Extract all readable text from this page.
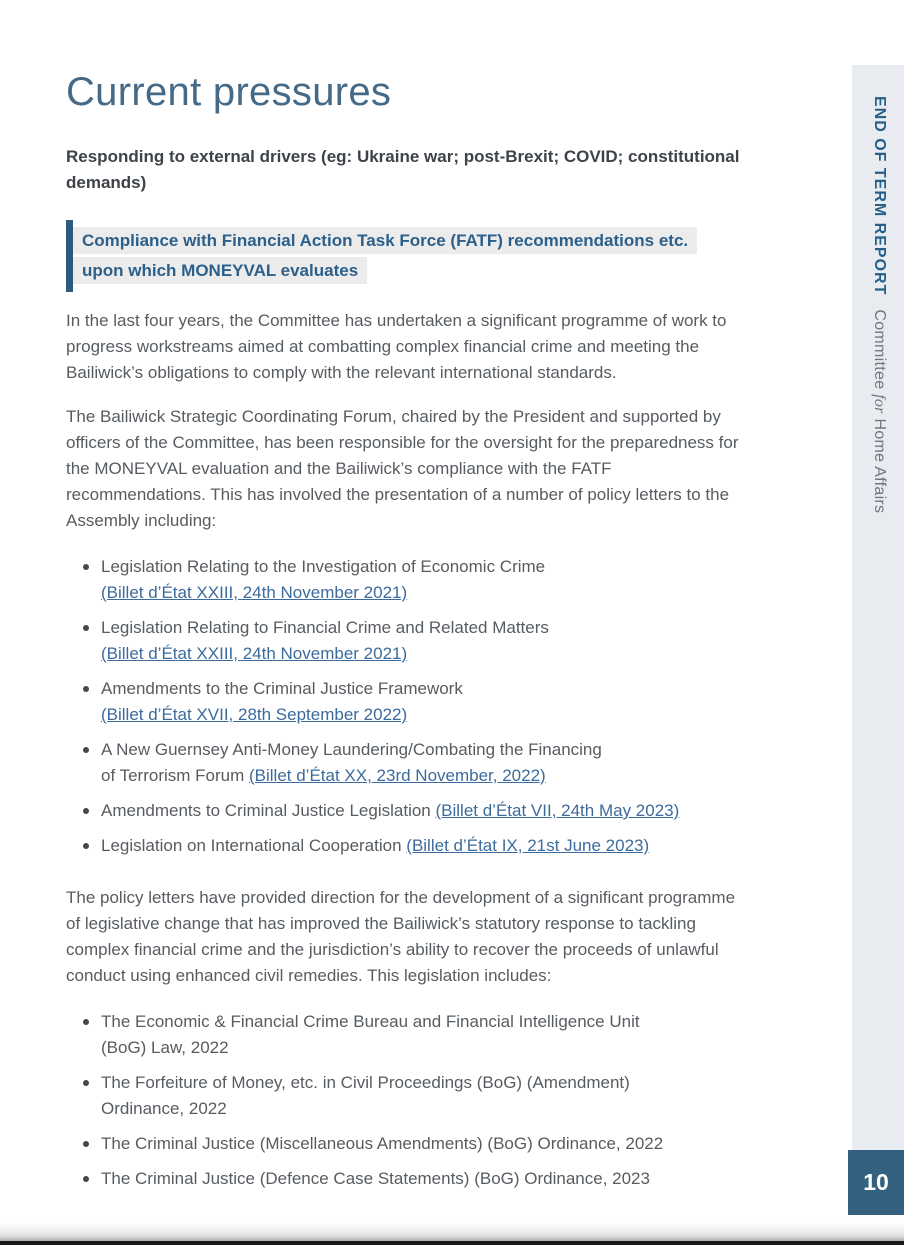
Current pressures
Responding to external drivers (eg: Ukraine war; post-Brexit; COVID; constitutional demands)
Compliance with Financial Action Task Force (FATF) recommendations etc.
upon which MONEYVAL evaluates

In the last four years, the Committee has undertaken a significant programme of work to progress workstreams aimed at combatting complex financial crime and meeting the Bailiwick’s obligations to comply with the relevant international standards.

The Bailiwick Strategic Coordinating Forum, chaired by the President and supported by officers of the Committee, has been responsible for the oversight for the preparedness for the MONEYVAL evaluation and the Bailiwick’s compliance with the FATF recommendations. This has involved the presentation of a number of policy letters to the Assembly including:

Legislation Relating to the Investigation of Economic Crime
(Billet d’État XXIII, 24th November 2021)
Legislation Relating to Financial Crime and Related Matters
(Billet d’État XXIII, 24th November 2021)
Amendments to the Criminal Justice Framework
(Billet d’État XVII, 28th September 2022)
A New Guernsey Anti-Money Laundering/Combating the Financing
of Terrorism Forum (Billet d’État XX, 23rd November, 2022)
Amendments to Criminal Justice Legislation (Billet d’État VII, 24th May 2023)
Legislation on International Cooperation (Billet d’État IX, 21st June 2023)

The policy letters have provided direction for the development of a significant programme of legislative change that has improved the Bailiwick’s statutory response to tackling complex financial crime and the jurisdiction’s ability to recover the proceeds of unlawful conduct using enhanced civil remedies. This legislation includes:

The Economic & Financial Crime Bureau and Financial Intelligence Unit
(BoG) Law, 2022
The Forfeiture of Money, etc. in Civil Proceedings (BoG) (Amendment)
Ordinance, 2022
The Criminal Justice (Miscellaneous Amendments) (BoG) Ordinance, 2022
The Criminal Justice (Defence Case Statements) (BoG) Ordinance, 2023
END OF TERM REPORTCommittee for Home Affairs
10
